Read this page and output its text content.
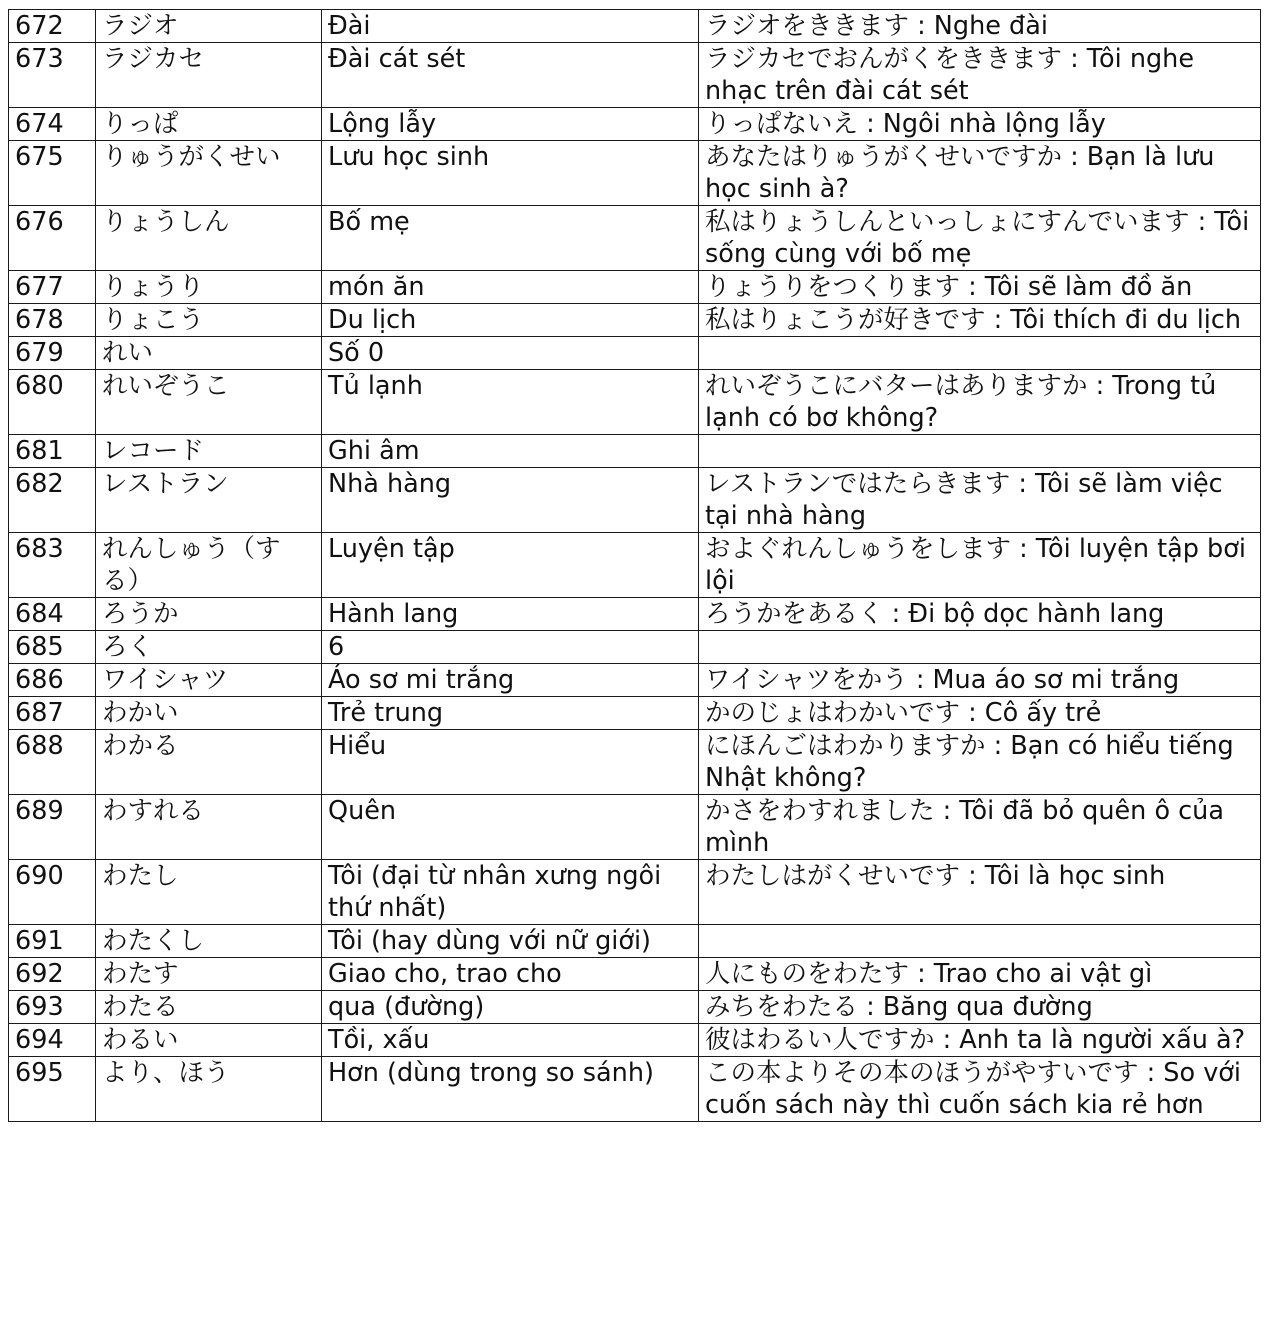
672	ラジオ	Đài	ラジオをききます : Nghe đài
673	ラジカセ	Đài cát sét	ラジカセでおんがくをききます : Tôi nghe nhạc trên đài cát sét
674	りっぱ	Lộng lẫy	りっぱないえ : Ngôi nhà lộng lẫy
675	りゅうがくせい	Lưu học sinh	あなたはりゅうがくせいですか : Bạn là lưu học sinh à?
676	りょうしん	Bố mẹ	私はりょうしんといっしょにすんでいます : Tôi sống cùng với bố mẹ
677	りょうり	món ăn	りょうりをつくります : Tôi sẽ làm đồ ăn
678	りょこう	Du lịch	私はりょこうが好きです : Tôi thích đi du lịch
679	れい	Số 0	
680	れいぞうこ	Tủ lạnh	れいぞうこにバターはありますか : Trong tủ lạnh có bơ không?
681	レコード	Ghi âm	
682	レストラン	Nhà hàng	レストランではたらきます : Tôi sẽ làm việc tại nhà hàng
683	れんしゅう（する）	Luyện tập	およぐれんしゅうをします : Tôi luyện tập bơi lội
684	ろうか	Hành lang	ろうかをあるく : Đi bộ dọc hành lang
685	ろく	6	
686	ワイシャツ	Áo sơ mi trắng	ワイシャツをかう : Mua áo sơ mi trắng
687	わかい	Trẻ trung	かのじょはわかいです : Cô ấy trẻ
688	わかる	Hiểu	にほんごはわかりますか : Bạn có hiểu tiếng Nhật không?
689	わすれる	Quên	かさをわすれました : Tôi đã bỏ quên ô của mình
690	わたし	Tôi (đại từ nhân xưng ngôi thứ nhất)	わたしはがくせいです : Tôi là học sinh
691	わたくし	Tôi (hay dùng với nữ giới)	
692	わたす	Giao cho, trao cho	人にものをわたす : Trao cho ai vật gì
693	わたる	qua (đường)	みちをわたる : Băng qua đường
694	わるい	Tồi, xấu	彼はわるい人ですか : Anh ta là người xấu à?
695	より、ほう	Hơn (dùng trong so sánh)	この本よりその本のほうがやすいです : So với cuốn sách này thì cuốn sách kia rẻ hơn
